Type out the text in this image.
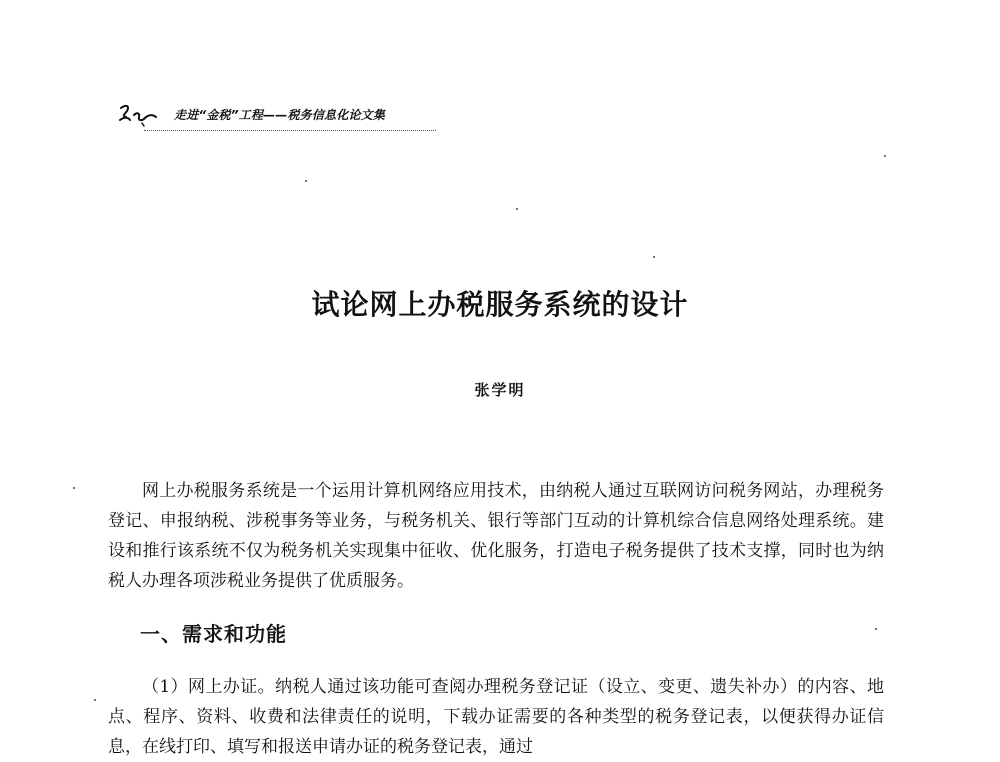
走进“金税”工程——税务信息化论文集
试论网上办税服务系统的设计
张学明

网上办税服务系统是一个运用计算机网络应用技术，由纳税人通过互联网访问税务网站，办理税务登记、申报纳税、涉税事务等业务，与税务机关、银行等部门互动的计算机综合信息网络处理系统。建设和推行该系统不仅为税务机关实现集中征收、优化服务，打造电子税务提供了技术支撑，同时也为纳税人办理各项涉税业务提供了优质服务。

一、需求和功能

（1）网上办证。纳税人通过该功能可查阅办理税务登记证（设立、变更、遗失补办）的内容、地点、程序、资料、收费和法律责任的说明，下载办证需要的各种类型的税务登记表，以便获得办证信息，在线打印、填写和报送申请办证的税务登记表，通过
